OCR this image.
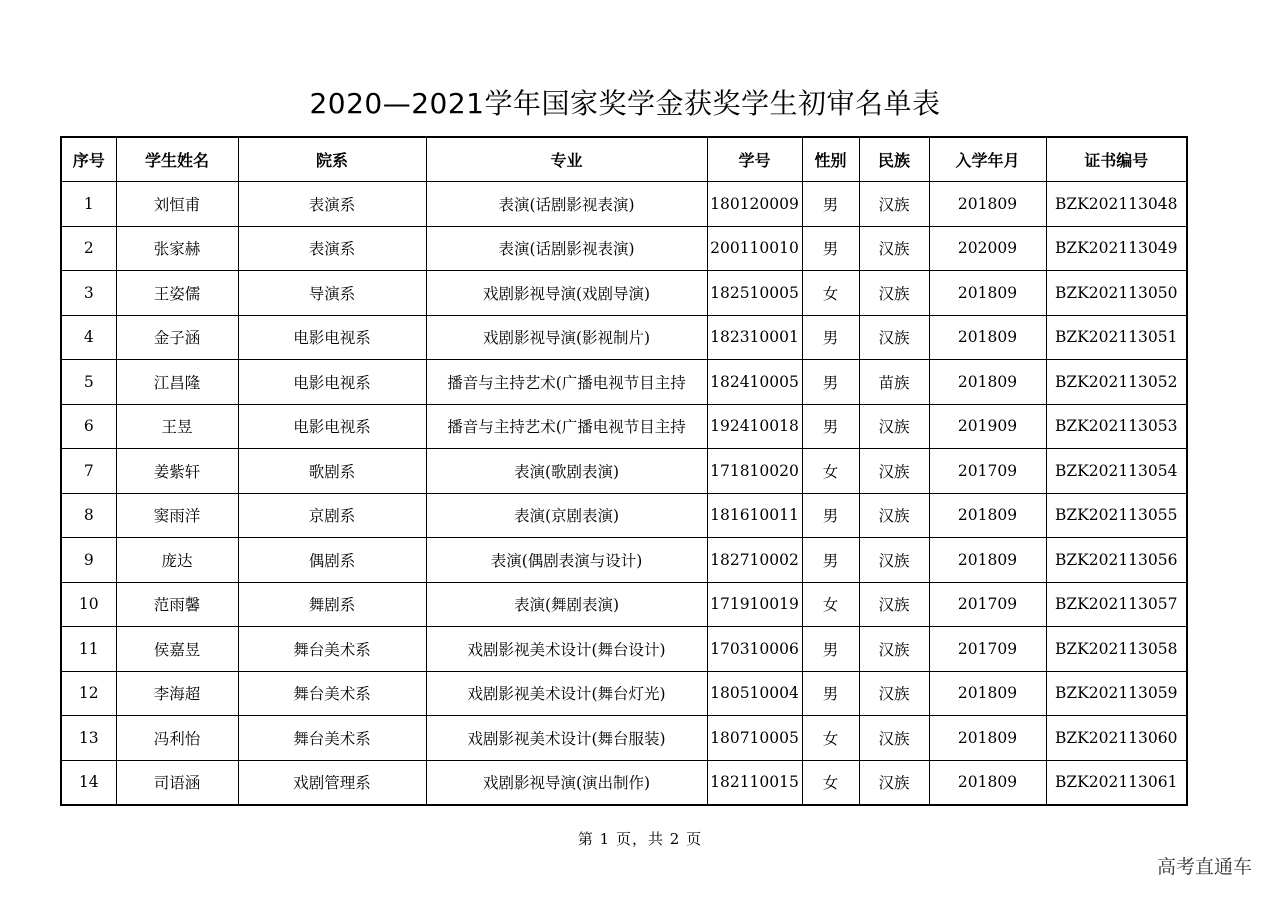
2020—2021学年国家奖学金获奖学生初审名单表
序号	学生姓名	院系	专业	学号	性别	民族	入学年月	证书编号
1	刘恒甫	表演系	表演(话剧影视表演)	180120009	男	汉族	201809	BZK202113048
2	张家赫	表演系	表演(话剧影视表演)	200110010	男	汉族	202009	BZK202113049
3	王姿儒	导演系	戏剧影视导演(戏剧导演)	182510005	女	汉族	201809	BZK202113050
4	金子涵	电影电视系	戏剧影视导演(影视制片)	182310001	男	汉族	201809	BZK202113051
5	江昌隆	电影电视系	播音与主持艺术(广播电视节目主持	182410005	男	苗族	201809	BZK202113052
6	王昱	电影电视系	播音与主持艺术(广播电视节目主持	192410018	男	汉族	201909	BZK202113053
7	姜紫轩	歌剧系	表演(歌剧表演)	171810020	女	汉族	201709	BZK202113054
8	窦雨洋	京剧系	表演(京剧表演)	181610011	男	汉族	201809	BZK202113055
9	庞达	偶剧系	表演(偶剧表演与设计)	182710002	男	汉族	201809	BZK202113056
10	范雨馨	舞剧系	表演(舞剧表演)	171910019	女	汉族	201709	BZK202113057
11	侯嘉昱	舞台美术系	戏剧影视美术设计(舞台设计)	170310006	男	汉族	201709	BZK202113058
12	李海超	舞台美术系	戏剧影视美术设计(舞台灯光)	180510004	男	汉族	201809	BZK202113059
13	冯利怡	舞台美术系	戏剧影视美术设计(舞台服装)	180710005	女	汉族	201809	BZK202113060
14	司语涵	戏剧管理系	戏剧影视导演(演出制作)	182110015	女	汉族	201809	BZK202113061
第 1 页，共 2 页
高考直通车
